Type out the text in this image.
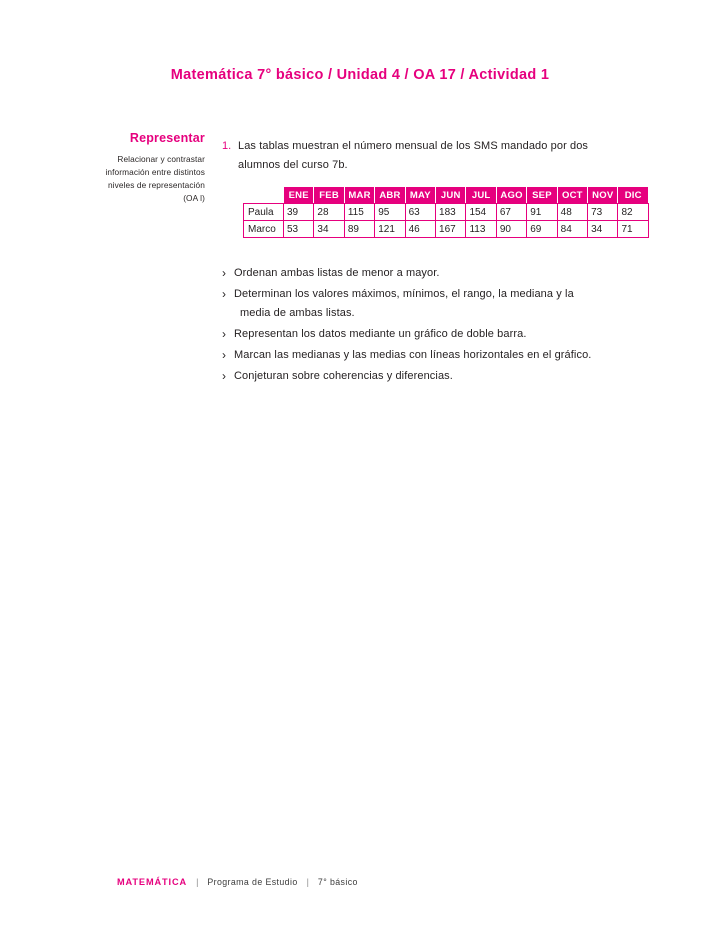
Matemática 7° básico / Unidad 4 / OA 17 / Actividad 1
Representar
Relacionar y contrastar
información entre distintos
niveles de representación
(OA l)
1. Las tablas muestran el número mensual de los SMS mandado por dos
alumnos del curso 7b.
	ENE	FEB	MAR	ABR	MAY	JUN	JUL	AGO	SEP	OCT	NOV	DIC
Paula	39	28	115	95	63	183	154	67	91	48	73	82
Marco	53	34	89	121	46	167	113	90	69	84	34	71
› Ordenan ambas listas de menor a mayor.
› Determinan los valores máximos, mínimos, el rango, la mediana y la
media de ambas listas.
› Representan los datos mediante un gráfico de doble barra.
› Marcan las medianas y las medias con líneas horizontales en el gráfico.
› Conjeturan sobre coherencias y diferencias.
MATEMÁTICA | Programa de Estudio | 7° básico
